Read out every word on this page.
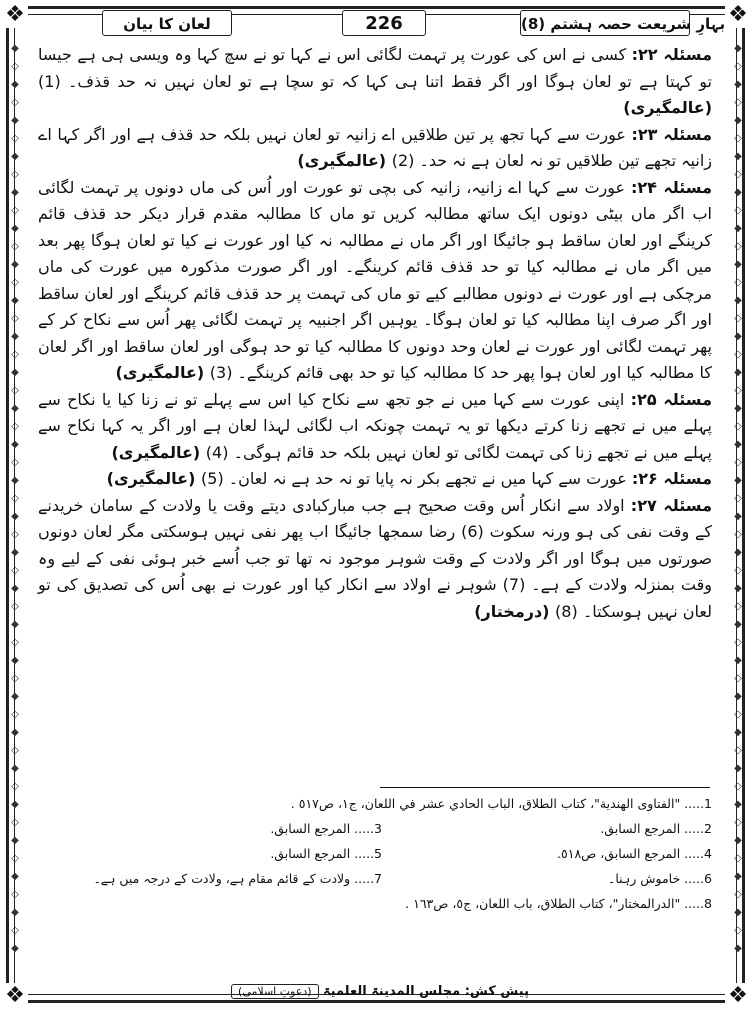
❖	❖
❖	❖
◆
◇
◆
◇
◆
◇
◆
◇
◆
◇
◆
◇
◆
◇
◆
◇
◆
◇
◆
◇
◆
◇
◆
◇
◆
◇
◆
◇
◆
◇
◆
◇
◆
◇
◆
◇
◆
◇
◆
◇
◆
◇
◆
◇
◆
◇
◆
◇
◆
◇
◆
◆
◇
◆
◇
◆
◇
◆
◇
◆
◇
◆
◇
◆
◇
◆
◇
◆
◇
◆
◇
◆
◇
◆
◇
◆
◇
◆
◇
◆
◇
◆
◇
◆
◇
◆
◇
◆
◇
◆
◇
◆
◇
◆
◇
◆
◇
◆
◇
◆
◇
◆
لعان کا بیان	226	بہارِ شریعت حصہ ہشتم (8)

مسئلہ ۲۲: کسی نے اس کی عورت پر تہمت لگائی اس نے کہا تو نے سچ کہا وہ ویسی ہی ہے جیسا تو کہتا ہے تو لعان ہوگا اور اگر فقط اتنا ہی کہا کہ تو سچا ہے تو لعان نہیں نہ حد قذف۔ (1) (عالمگیری)

مسئلہ ۲۳: عورت سے کہا تجھ پر تین طلاقیں اے زانیہ تو لعان نہیں بلکہ حد قذف ہے اور اگر کہا اے زانیہ تجھے تین طلاقیں تو نہ لعان ہے نہ حد۔ (2) (عالمگیری)

مسئلہ ۲۴: عورت سے کہا اے زانیہ، زانیہ کی بچی تو عورت اور اُس کی ماں دونوں پر تہمت لگائی اب اگر ماں بیٹی دونوں ایک ساتھ مطالبہ کریں تو ماں کا مطالبہ مقدم قرار دیکر حد قذف قائم کرینگے اور لعان ساقط ہو جائیگا اور اگر ماں نے مطالبہ نہ کیا اور عورت نے کیا تو لعان ہوگا پھر بعد میں اگر ماں نے مطالبہ کیا تو حد قذف قائم کرینگے۔ اور اگر صورت مذکورہ میں عورت کی ماں مرچکی ہے اور عورت نے دونوں مطالبے کیے تو ماں کی تہمت پر حد قذف قائم کرینگے اور لعان ساقط اور اگر صرف اپنا مطالبہ کیا تو لعان ہوگا۔ یوہیں اگر اجنبیہ پر تہمت لگائی پھر اُس سے نکاح کر کے پھر تہمت لگائی اور عورت نے لعان وحد دونوں کا مطالبہ کیا تو حد ہوگی اور لعان ساقط اور اگر لعان کا مطالبہ کیا اور لعان ہوا پھر حد کا مطالبہ کیا تو حد بھی قائم کرینگے۔ (3) (عالمگیری)

مسئلہ ۲۵: اپنی عورت سے کہا میں نے جو تجھ سے نکاح کیا اس سے پہلے تو نے زنا کیا یا نکاح سے پہلے میں نے تجھے زنا کرتے دیکھا تو یہ تہمت چونکہ اب لگائی لہذا لعان ہے اور اگر یہ کہا نکاح سے پہلے میں نے تجھے زنا کی تہمت لگائی تو لعان نہیں بلکہ حد قائم ہوگی۔ (4) (عالمگیری)

مسئلہ ۲۶: عورت سے کہا میں نے تجھے بکر نہ پایا تو نہ حد ہے نہ لعان۔ (5) (عالمگیری)

مسئلہ ۲۷: اولاد سے انکار اُس وقت صحیح ہے جب مبارکبادی دیتے وقت یا ولادت کے سامان خریدنے کے وقت نفی کی ہو ورنہ سکوت (6) رضا سمجھا جائیگا اب پھر نفی نہیں ہوسکتی مگر لعان دونوں صورتوں میں ہوگا اور اگر ولادت کے وقت شوہر موجود نہ تھا تو جب اُسے خبر ہوئی نفی کے لیے وہ وقت بمنزلہ ولادت کے ہے۔ (7) شوہر نے اولاد سے انکار کیا اور عورت نے بھی اُس کی تصدیق کی تو لعان نہیں ہوسکتا۔ (8) (درمختار)

1..... "الفتاوى الهندية"، كتاب الطلاق، الباب الحادي عشر في اللعان، ج١، ص٥١٧ .
2..... المرجع السابق.
3..... المرجع السابق.
4..... المرجع السابق، ص٥١٨.
5..... المرجع السابق.
6..... خاموش رہنا۔
7..... ولادت کے قائم مقام ہے، ولادت کے درجہ میں ہے۔
8..... "الدرالمختار"، كتاب الطلاق، باب اللعان، ج٥، ص١٦٣ .
پیش کش: مجلس المدینۃ العلمیۃ (دعوتِ اسلامی)
